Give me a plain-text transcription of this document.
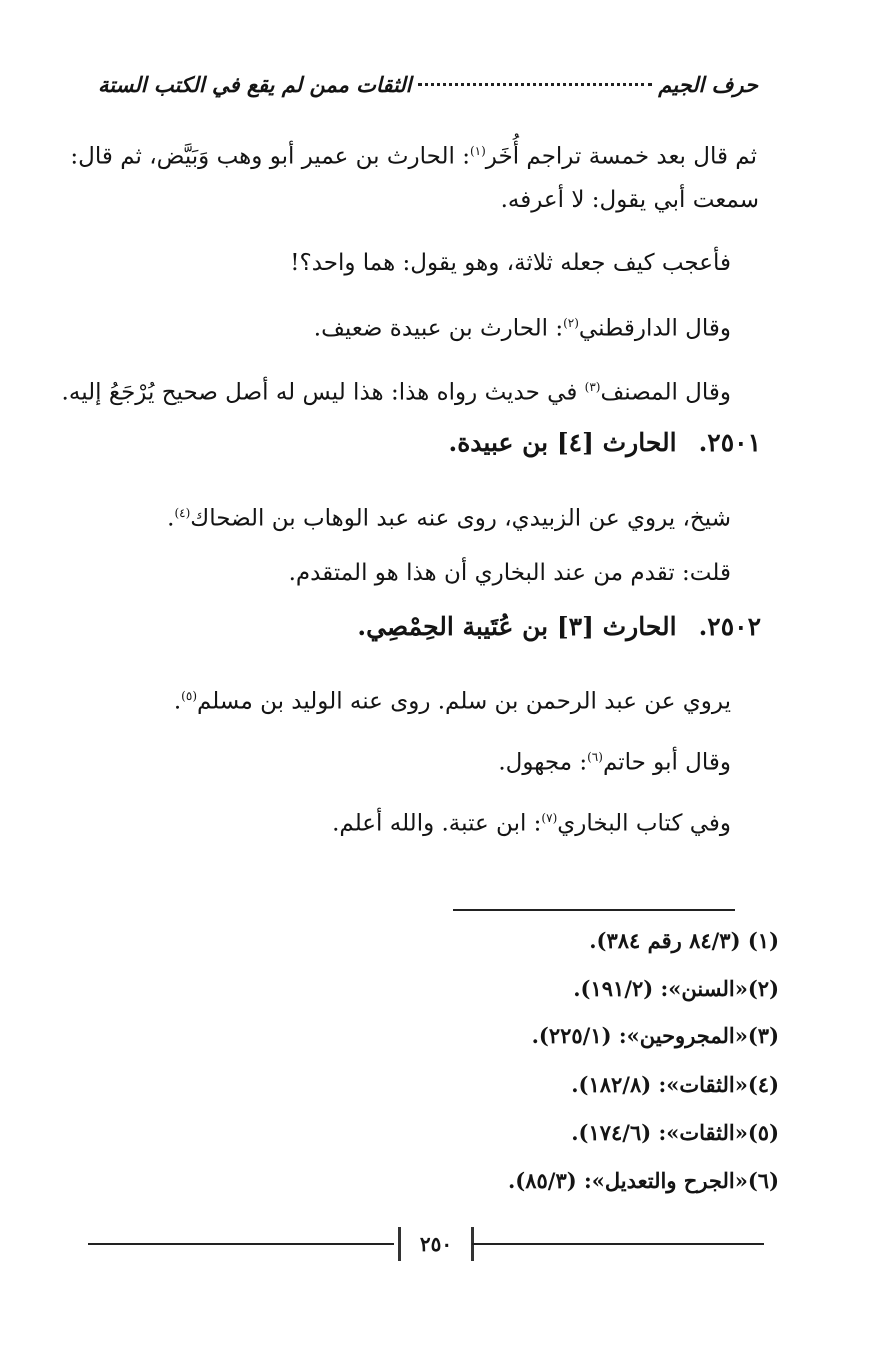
حرف الجيم
الثقات ممن لم يقع في الكتب الستة
ثم قال بعد خمسة تراجم أُخَر$^{(١)}$: الحارث بن عمير أبو وهب وَبَيَّض، ثم قال:
سمعت أبي يقول: لا أعرفه.
فأعجب كيف جعله ثلاثة، وهو يقول: هما واحد؟!
وقال الدارقطني$^{(٢)}$: الحارث بن عبيدة ضعيف.
وقال المصنف$^{(٣)}$ في حديث رواه هذا: هذا ليس له أصل صحيح يُرْجَعُ إليه.
٢٥٠١.الحارث [٤] بن عبيدة.
شيخ، يروي عن الزبيدي، روى عنه عبد الوهاب بن الضحاك$^{(٤)}$.
قلت: تقدم من عند البخاري أن هذا هو المتقدم.
٢٥٠٢.الحارث [٣] بن عُتَيبة الحِمْصِي.
يروي عن عبد الرحمن بن سلم. روى عنه الوليد بن مسلم$^{(٥)}$.
وقال أبو حاتم$^{(٦)}$: مجهول.
وفي كتاب البخاري$^{(٧)}$: ابن عتبة. والله أعلم.
(١) (٨٤/٣ رقم ٣٨٤).
(٢)«السنن»: (١٩١/٢).
(٣)«المجروحين»: (٢٢٥/١).
(٤)«الثقات»: (١٨٢/٨).
(٥)«الثقات»: (١٧٤/٦).
(٦)«الجرح والتعديل»: (٨٥/٣).
٢٥٠
